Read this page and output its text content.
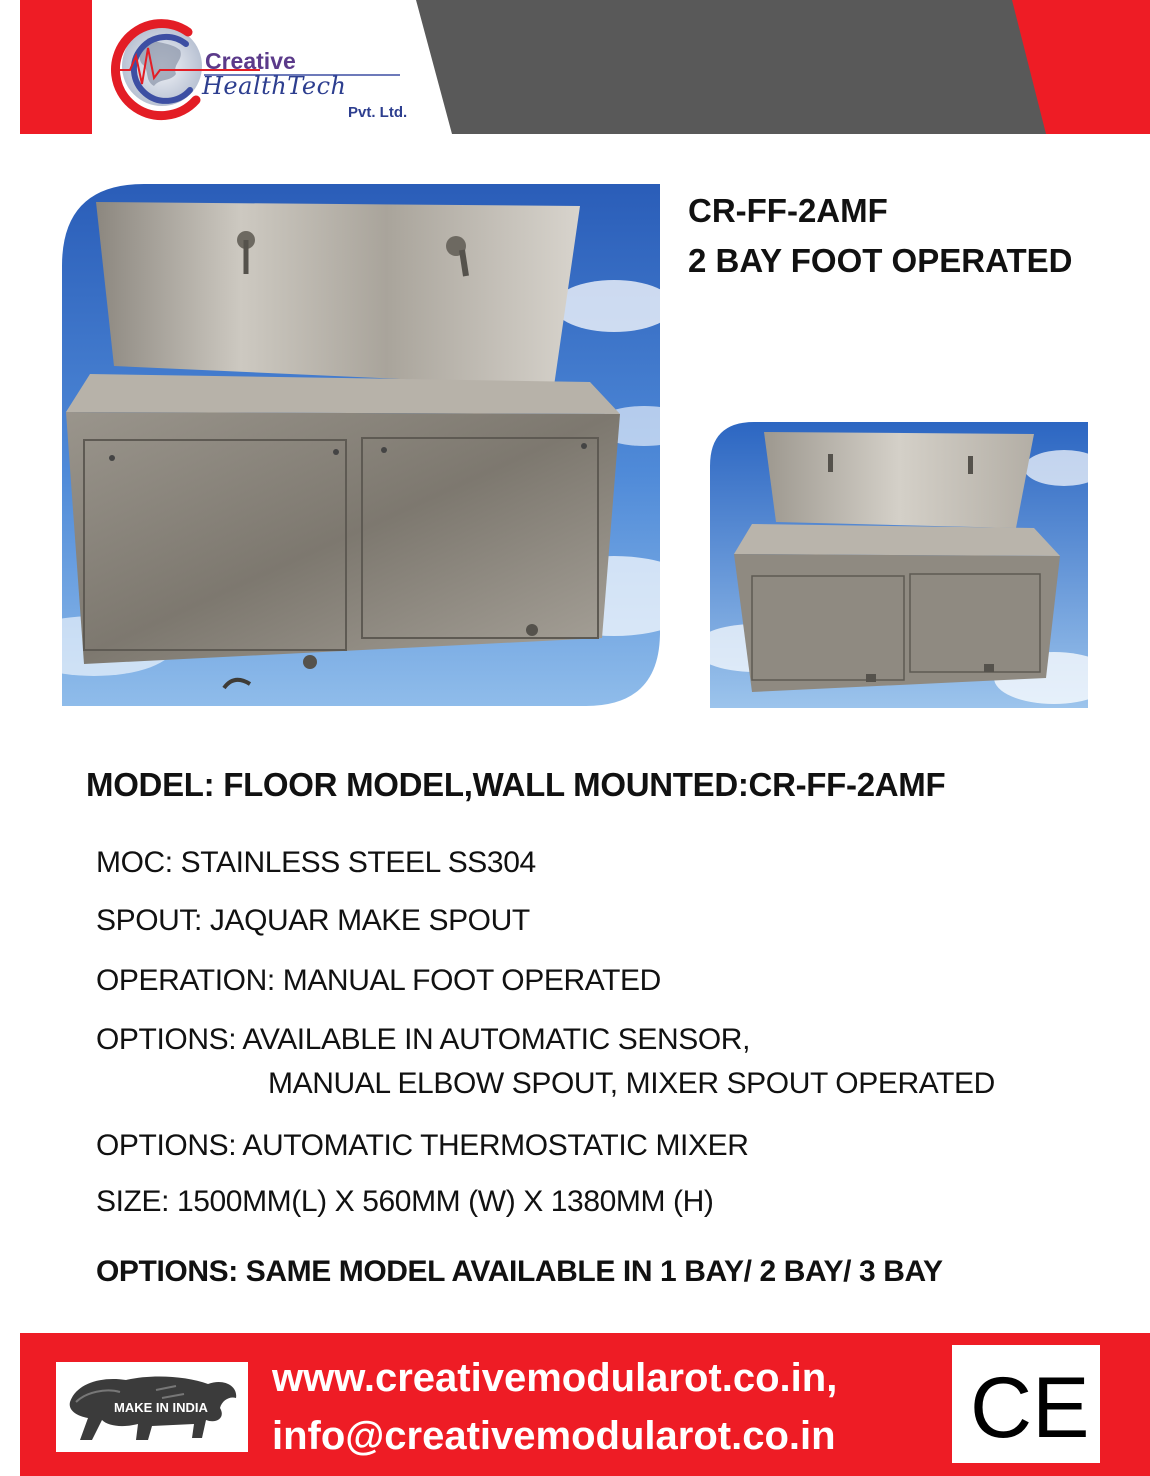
Creative
HealthTech
Pvt. Ltd.
CR-FF-2AMF
2 BAY FOOT OPERATED
MODEL: FLOOR MODEL,WALL MOUNTED:CR-FF-2AMF
MOC: STAINLESS STEEL SS304
SPOUT: JAQUAR MAKE SPOUT
OPERATION: MANUAL FOOT OPERATED
OPTIONS: AVAILABLE IN AUTOMATIC SENSOR,
MANUAL ELBOW SPOUT, MIXER SPOUT OPERATED
OPTIONS: AUTOMATIC THERMOSTATIC MIXER
SIZE: 1500MM(L) X 560MM (W) X 1380MM (H)
OPTIONS: SAME MODEL AVAILABLE IN 1 BAY/ 2 BAY/ 3 BAY
MAKE IN INDIA
www.creativemodularot.co.in,
info@creativemodularot.co.in CE
